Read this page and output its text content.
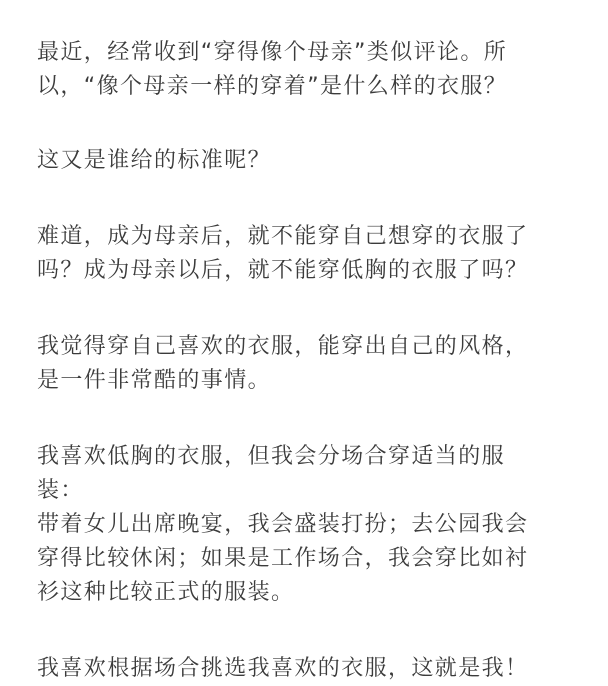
最近，经常收到“穿得像个母亲”类似评论。所
以，“像个母亲一样的穿着”是什么样的衣服？

这又是谁给的标准呢？

难道，成为母亲后，就不能穿自己想穿的衣服了
吗？成为母亲以后，就不能穿低胸的衣服了吗？

我觉得穿自己喜欢的衣服，能穿出自己的风格，
是一件非常酷的事情。

我喜欢低胸的衣服，但我会分场合穿适当的服
装：
带着女儿出席晚宴，我会盛装打扮；去公园我会
穿得比较休闲；如果是工作场合，我会穿比如衬
衫这种比较正式的服装。

我喜欢根据场合挑选我喜欢的衣服，这就是我！
